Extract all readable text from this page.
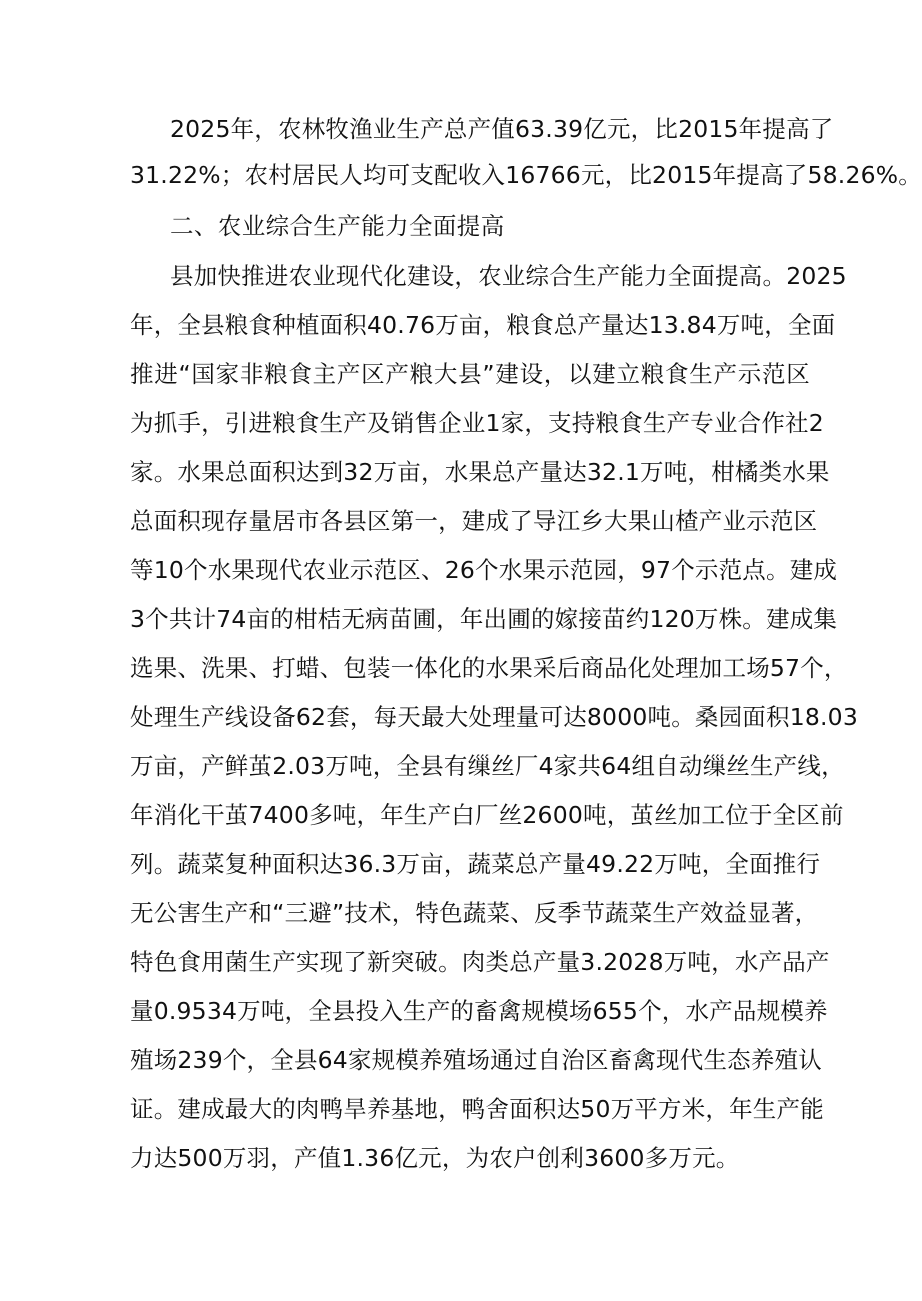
2025年，农林牧渔业生产总产值63.39亿元，比2015年提高了
31.22%；农村居民人均可支配收入16766元，比2015年提高了58.26%。
二、农业综合生产能力全面提高
县加快推进农业现代化建设，农业综合生产能力全面提高。2025
年，全县粮食种植面积40.76万亩，粮食总产量达13.84万吨，全面
推进“国家非粮食主产区产粮大县”建设，以建立粮食生产示范区
为抓手，引进粮食生产及销售企业1家，支持粮食生产专业合作社2
家。水果总面积达到32万亩，水果总产量达32.1万吨，柑橘类水果
总面积现存量居市各县区第一，建成了导江乡大果山楂产业示范区
等10个水果现代农业示范区、26个水果示范园，97个示范点。建成
3个共计74亩的柑桔无病苗圃，年出圃的嫁接苗约120万株。建成集
选果、洗果、打蜡、包装一体化的水果采后商品化处理加工场57个，
处理生产线设备62套，每天最大处理量可达8000吨。桑园面积18.03
万亩，产鲜茧2.03万吨，全县有缫丝厂4家共64组自动缫丝生产线，
年消化干茧7400多吨，年生产白厂丝2600吨，茧丝加工位于全区前
列。蔬菜复种面积达36.3万亩，蔬菜总产量49.22万吨，全面推行
无公害生产和“三避”技术，特色蔬菜、反季节蔬菜生产效益显著，
特色食用菌生产实现了新突破。肉类总产量3.2028万吨，水产品产
量0.9534万吨，全县投入生产的畜禽规模场655个，水产品规模养
殖场239个，全县64家规模养殖场通过自治区畜禽现代生态养殖认
证。建成最大的肉鸭旱养基地，鸭舍面积达50万平方米，年生产能
力达500万羽，产值1.36亿元，为农户创利3600多万元。
